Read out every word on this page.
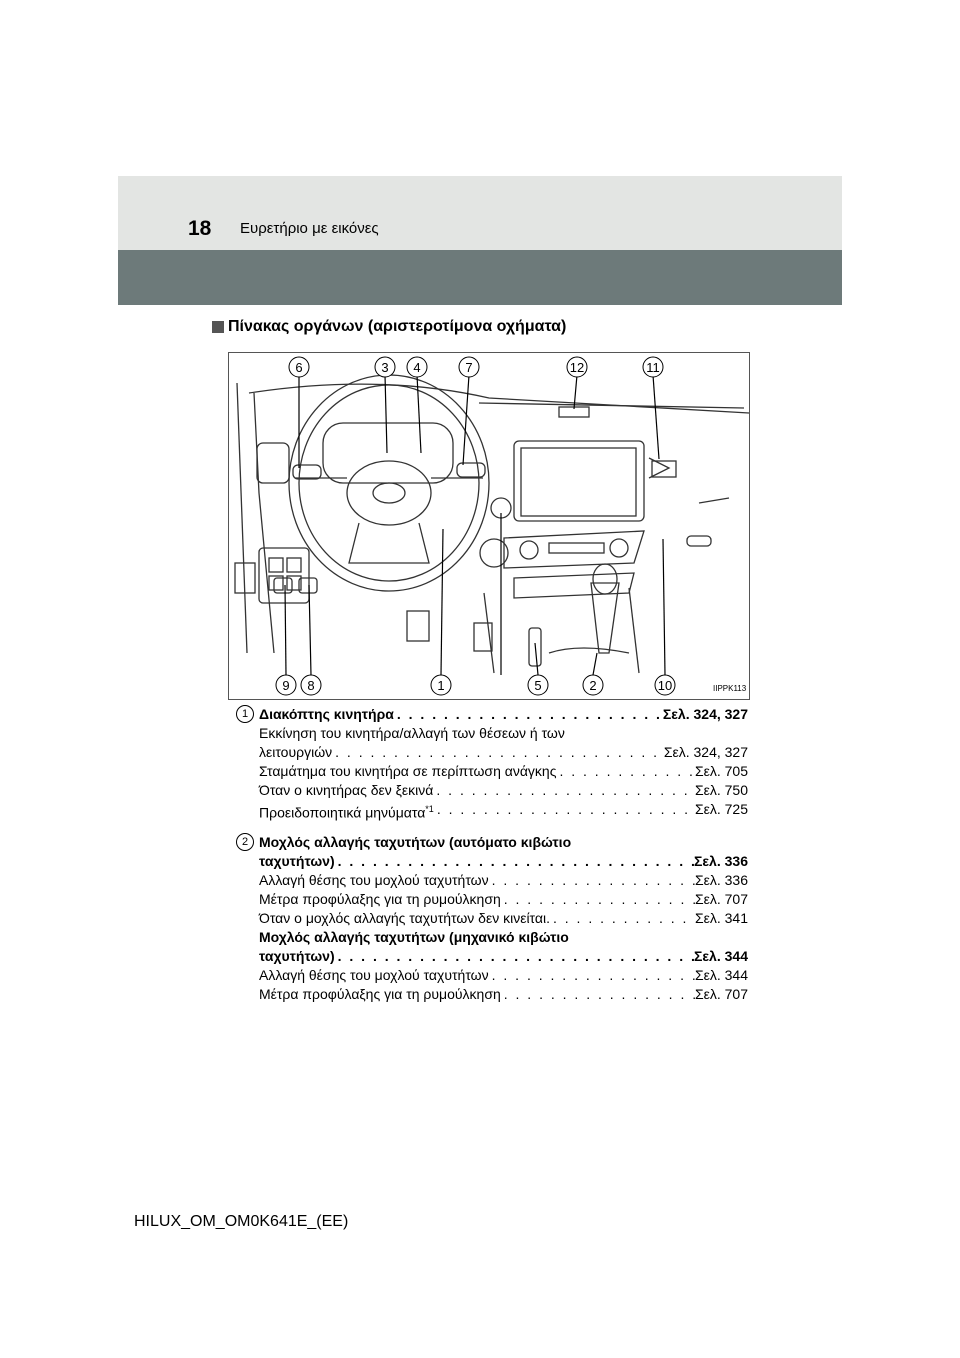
18 Ευρετήριο με εικόνες
Πίνακας οργάνων (αριστεροτίμονα οχήματα)
6	3 4	7	12	11
9 8	1	5	2	10	IIPPK113
1 Διακόπτης κινητήρα . . .	Σελ. 324, 327
Εκκίνηση του κινητήρα/αλλαγή των θέσεων ή των
λειτουργιών . . .	Σελ. 324, 327
Σταμάτημα του κινητήρα σε περίπτωση ανάγκης . . .	Σελ. 705
Όταν ο κινητήρας δεν ξεκινά . . .	Σελ. 750
Προειδοποιητικά μηνύματα$^{*1}$ . . .	Σελ. 725
2 Μοχλός αλλαγής ταχυτήτων (αυτόματο κιβώτιο
ταχυτήτων) . . .	Σελ. 336
Αλλαγή θέσης του μοχλού ταχυτήτων . . .	Σελ. 336
Μέτρα προφύλαξης για τη ρυμούλκηση . . .	Σελ. 707
Όταν ο μοχλός αλλαγής ταχυτήτων δεν κινείται. . . .	Σελ. 341
Μοχλός αλλαγής ταχυτήτων (μηχανικό κιβώτιο
ταχυτήτων) . . .	Σελ. 344
Αλλαγή θέσης του μοχλού ταχυτήτων . . .	Σελ. 344
Μέτρα προφύλαξης για τη ρυμούλκηση . . .	Σελ. 707
HILUX_OM_OM0K641E_(EE)
